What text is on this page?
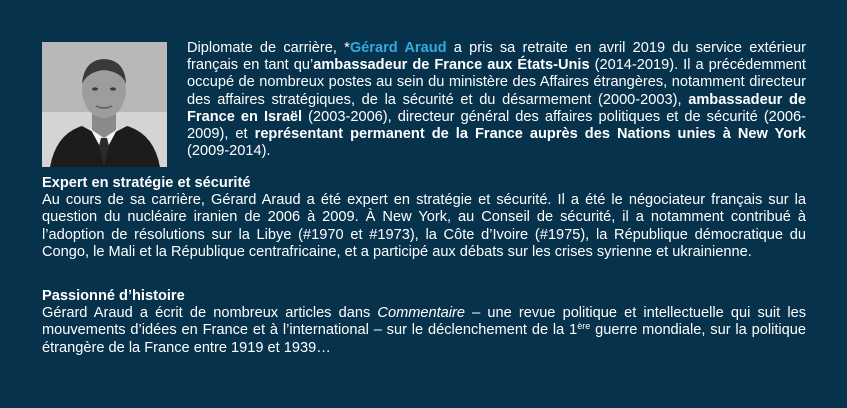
Diplomate de carrière, *Gérard Araud a pris sa retraite en avril 2019 du service extérieur français en tant qu’ambassadeur de France aux États-Unis (2014-2019). Il a précédemment occupé de nombreux postes au sein du ministère des Affaires étrangères, notamment directeur des affaires stratégiques, de la sécurité et du désarmement (2000-2003), ambassadeur de France en Israël (2003-2006), directeur général des affaires politiques et de sécurité (2006-2009), et représentant permanent de la France auprès des Nations unies à New York (2009-2014).
Expert en stratégie et sécurité
Au cours de sa carrière, Gérard Araud a été expert en stratégie et sécurité. Il a été le négociateur français sur la question du nucléaire iranien de 2006 à 2009. À New York, au Conseil de sécurité, il a notamment contribué à l’adoption de résolutions sur la Libye (#1970 et #1973), la Côte d’Ivoire (#1975), la République démocratique du Congo, le Mali et la République centrafricaine, et a participé aux débats sur les crises syrienne et ukrainienne.
Passionné d’histoire
Gérard Araud a écrit de nombreux articles dans Commentaire – une revue politique et intellectuelle qui suit les mouvements d’idées en France et à l’international – sur le déclenchement de la 1ère guerre mondiale, sur la politique étrangère de la France entre 1919 et 1939…
